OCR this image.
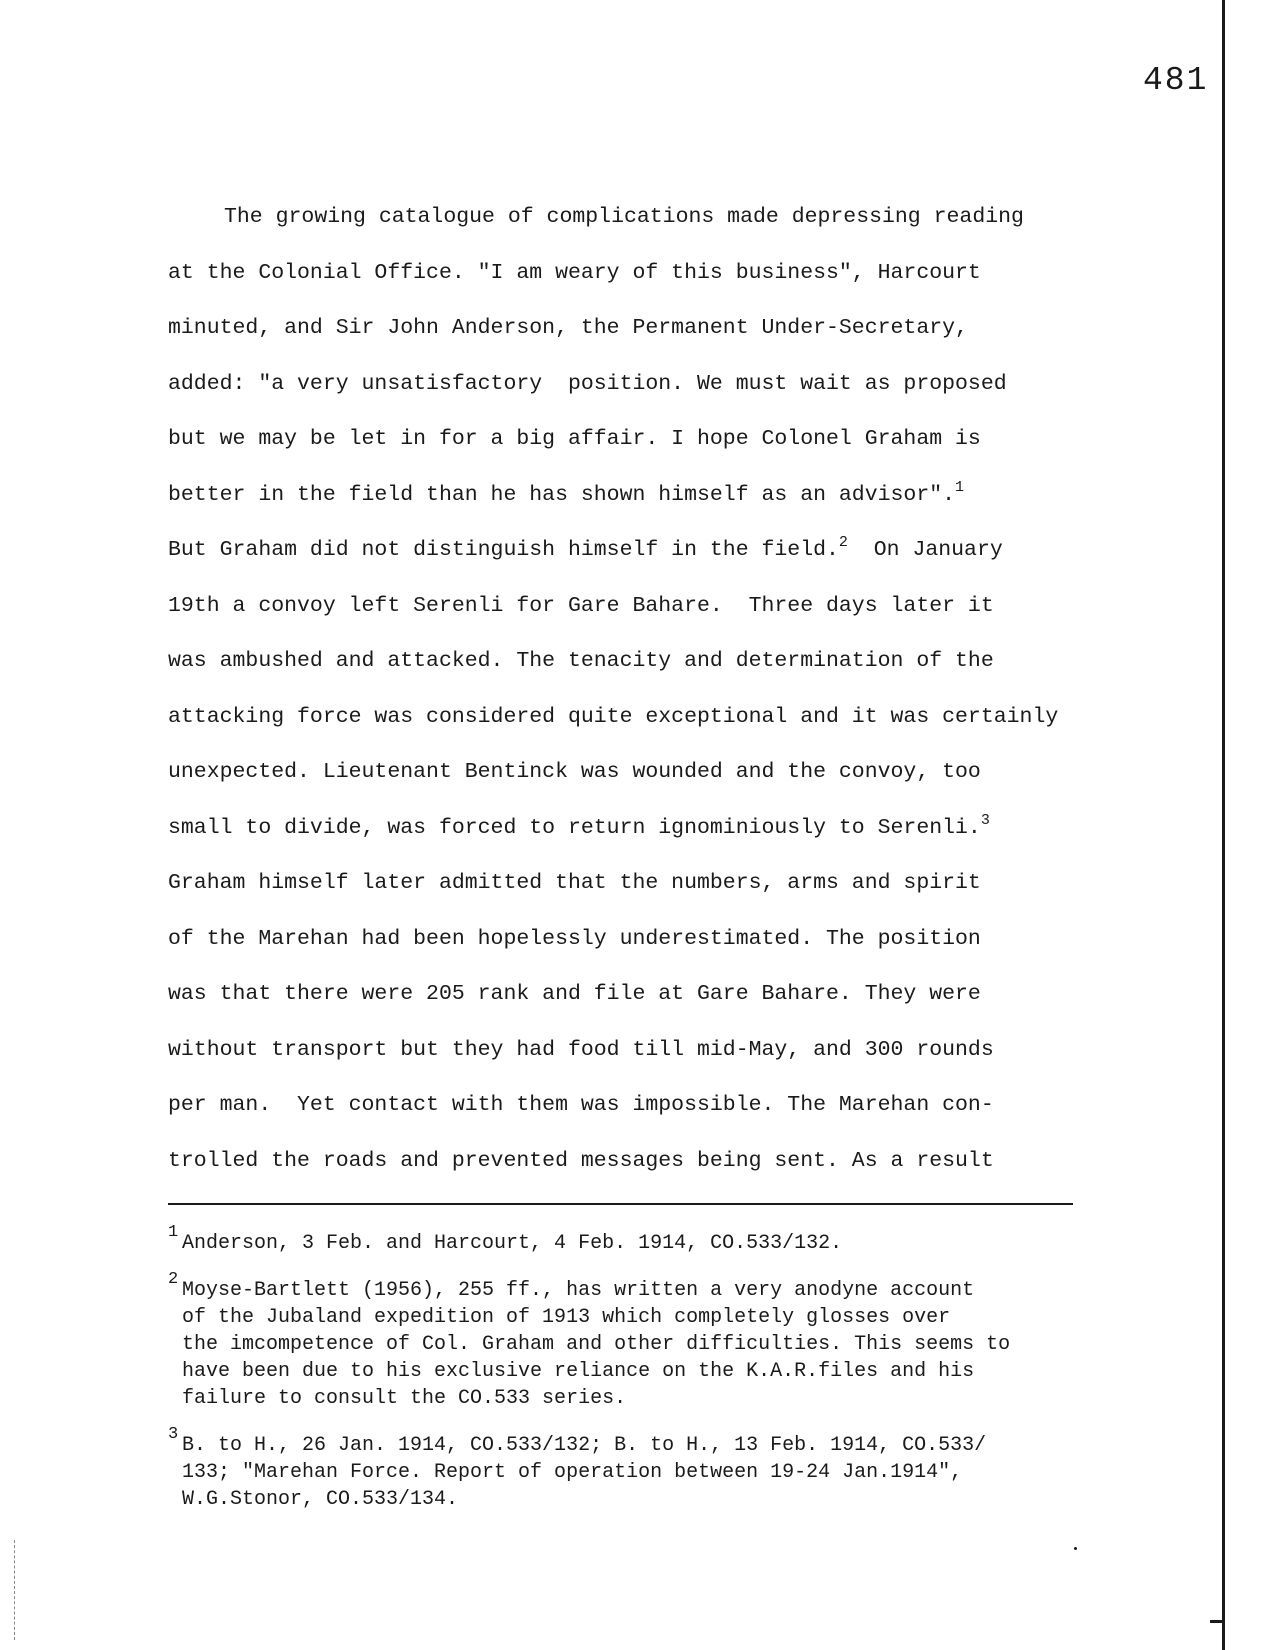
481
The growing catalogue of complications made depressing reading
at the Colonial Office. "I am weary of this business", Harcourt
minuted, and Sir John Anderson, the Permanent Under-Secretary,
added: "a very unsatisfactory  position. We must wait as proposed
but we may be let in for a big affair. I hope Colonel Graham is
better in the field than he has shown himself as an advisor".$^1$
But Graham did not distinguish himself in the field.$^2$  On January
19th a convoy left Serenli for Gare Bahare.  Three days later it
was ambushed and attacked. The tenacity and determination of the
attacking force was considered quite exceptional and it was certainly
unexpected. Lieutenant Bentinck was wounded and the convoy, too
small to divide, was forced to return ignominiously to Serenli.$^3$
Graham himself later admitted that the numbers, arms and spirit
of the Marehan had been hopelessly underestimated. The position
was that there were 205 rank and file at Gare Bahare. They were
without transport but they had food till mid-May, and 300 rounds
per man.  Yet contact with them was impossible. The Marehan con-
trolled the roads and prevented messages being sent. As a result
1 Anderson, 3 Feb. and Harcourt, 4 Feb. 1914, CO.533/132.
2 Moyse-Bartlett (1956), 255 ff., has written a very anodyne account
of the Jubaland expedition of 1913 which completely glosses over
the imcompetence of Col. Graham and other difficulties. This seems to
have been due to his exclusive reliance on the K.A.R.files and his
failure to consult the CO.533 series.
3 B. to H., 26 Jan. 1914, CO.533/132; B. to H., 13 Feb. 1914, CO.533/
133; "Marehan Force. Report of operation between 19-24 Jan.1914",
W.G.Stonor, CO.533/134.
